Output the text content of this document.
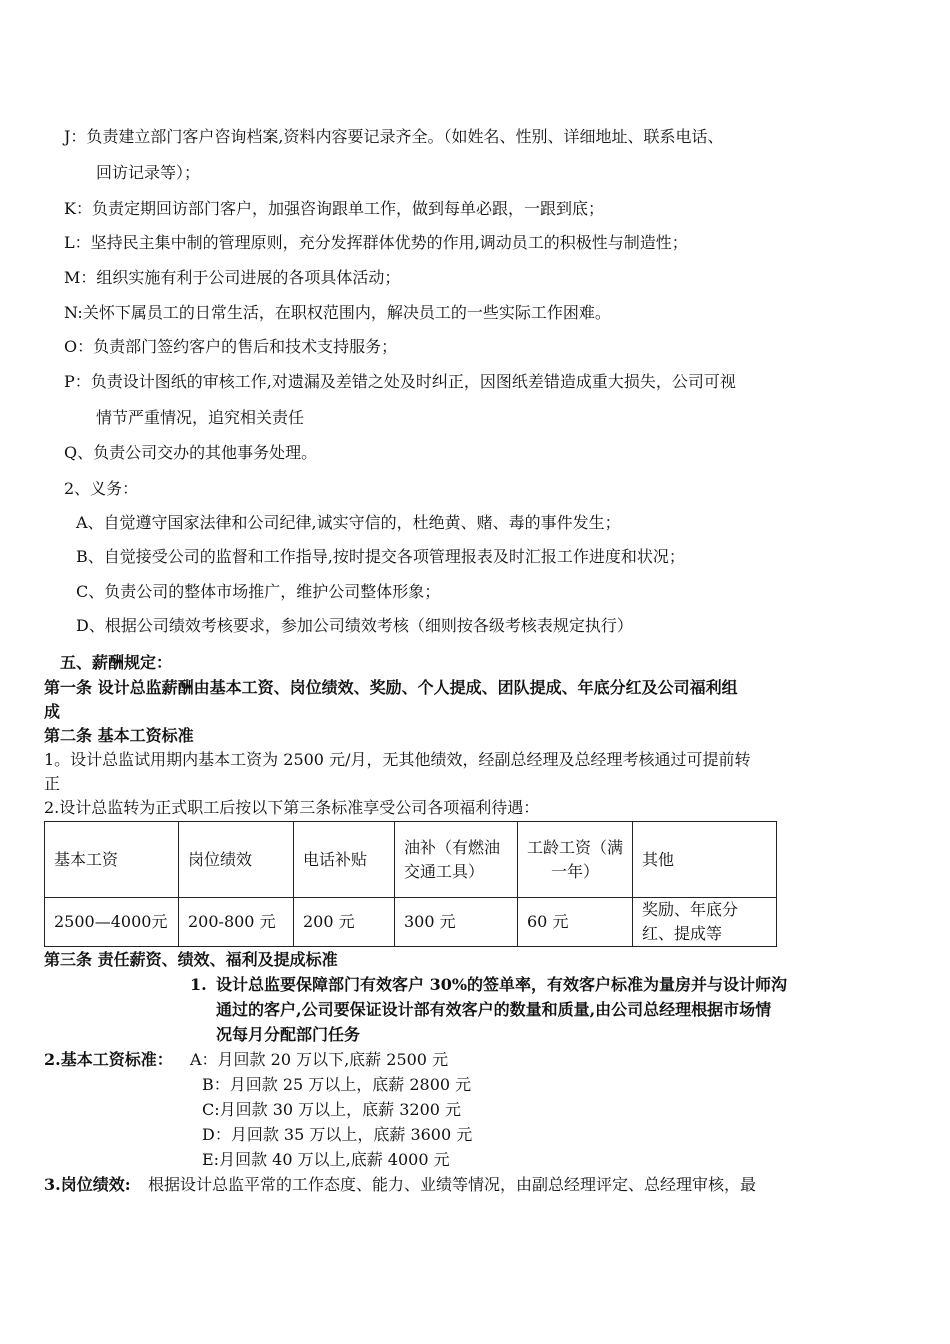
J：负责建立部门客户咨询档案,资料内容要记录齐全。（如姓名、性别、详细地址、联系电话、
回访记录等）；
K：负责定期回访部门客户，加强咨询跟单工作，做到每单必跟，一跟到底；
L：坚持民主集中制的管理原则，充分发挥群体优势的作用,调动员工的积极性与制造性；
M：组织实施有利于公司进展的各项具体活动；
N:关怀下属员工的日常生活，在职权范围内，解决员工的一些实际工作困难。
O：负责部门签约客户的售后和技术支持服务；
P：负责设计图纸的审核工作,对遗漏及差错之处及时纠正，因图纸差错造成重大损失，公司可视
情节严重情况，追究相关责任
Q、负责公司交办的其他事务处理。
2、义务：
A、自觉遵守国家法律和公司纪律,诚实守信的，杜绝黄、赌、毒的事件发生；
B、自觉接受公司的监督和工作指导,按时提交各项管理报表及时汇报工作进度和状况；
C、负责公司的整体市场推广，维护公司整体形象；
D、根据公司绩效考核要求，参加公司绩效考核（细则按各级考核表规定执行）
五、薪酬规定：
第一条 设计总监薪酬由基本工资、岗位绩效、奖励、个人提成、团队提成、年底分红及公司福利组
成
第二条 基本工资标准
1。设计总监试用期内基本工资为 2500 元/月，无其他绩效，经副总经理及总经理考核通过可提前转
正
2.设计总监转为正式职工后按以下第三条标准享受公司各项福利待遇：
基本工资	岗位绩效	电话补贴	油补（有燃油交通工具）	工龄工资（满一年）	其他
2500—4000元	200-800 元	200 元	300 元	60 元	奖励、年底分红、提成等
第三条 责任薪资、绩效、福利及提成标准
1. 设计总监要保障部门有效客户 30%的签单率，有效客户标准为量房并与设计师沟
通过的客户,公司要保证设计部有效客户的数量和质量,由公司总经理根据市场情
况每月分配部门任务
2.基本工资标准： A：月回款 20 万以下,底薪 2500 元
B：月回款 25 万以上，底薪 2800 元
C:月回款 30 万以上，底薪 3200 元
D：月回款 35 万以上，底薪 3600 元
E:月回款 40 万以上,底薪 4000 元
3.岗位绩效: 根据设计总监平常的工作态度、能力、业绩等情况，由副总经理评定、总经理审核，最
